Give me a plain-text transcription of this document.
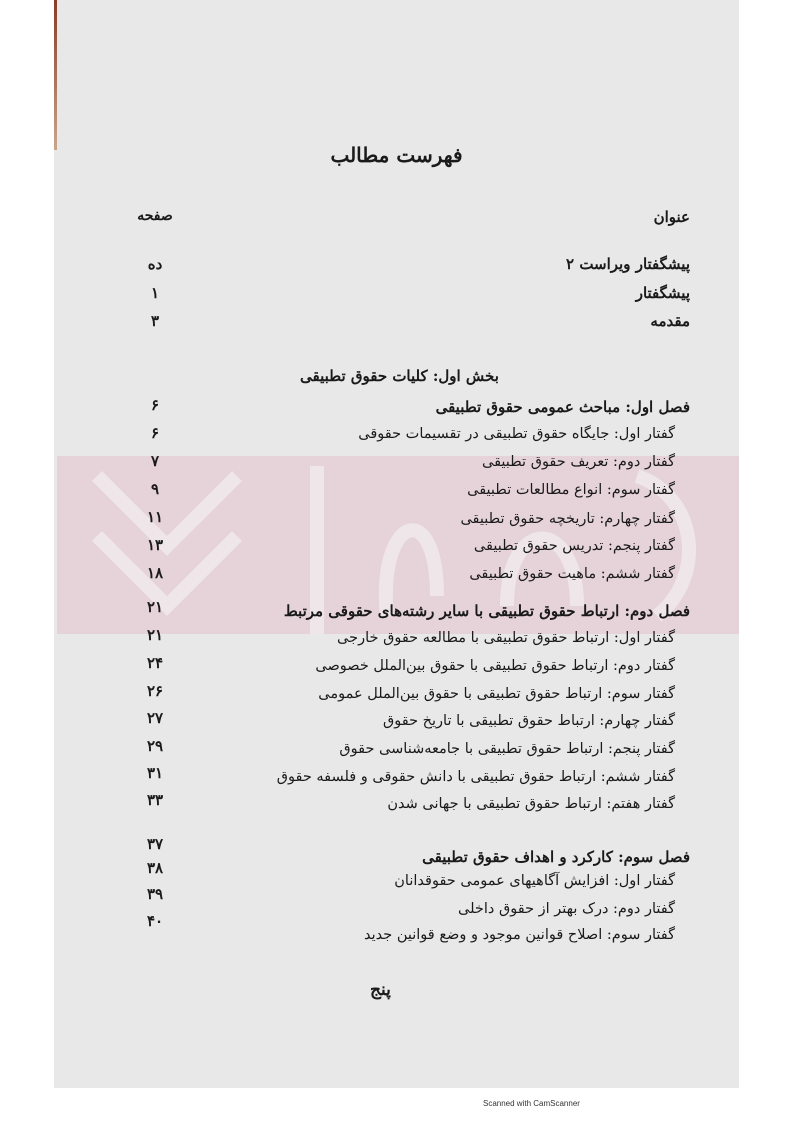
فهرست مطالب
عنوان
صفحه
پیشگفتار ویراست ۲
ده
پیشگفتار
۱
مقدمه
۳
بخش اول: کلیات حقوق تطبیقی
فصل اول: مباحث عمومی حقوق تطبیقی
۶
گفتار اول: جایگاه حقوق تطبیقی در تقسیمات حقوقی
۶
گفتار دوم: تعریف حقوق تطبیقی
۷
گفتار سوم: انواع مطالعات تطبیقی
۹
گفتار چهارم: تاریخچه حقوق تطبیقی
۱۱
گفتار پنجم: تدریس حقوق تطبیقی
۱۳
گفتار ششم: ماهیت حقوق تطبیقی
۱۸
فصل دوم: ارتباط حقوق تطبیقی با سایر رشته‌های حقوقی مرتبط
۲۱
گفتار اول: ارتباط حقوق تطبیقی با مطالعه حقوق خارجی
۲۱
گفتار دوم: ارتباط حقوق تطبیقی با حقوق بین‌الملل خصوصی
۲۴
گفتار سوم: ارتباط حقوق تطبیقی با حقوق بین‌الملل عمومی
۲۶
گفتار چهارم: ارتباط حقوق تطبیقی با تاریخ حقوق
۲۷
گفتار پنجم: ارتباط حقوق تطبیقی با جامعه‌شناسی حقوق
۲۹
گفتار ششم: ارتباط حقوق تطبیقی با دانش حقوقی و فلسفه حقوق
۳۱
گفتار هفتم: ارتباط حقوق تطبیقی با جهانی شدن
۳۳
فصل سوم: کارکرد و اهداف حقوق تطبیقی
۳۷
گفتار اول: افزایش آگاهیهای عمومی حقوقدانان
۳۸
گفتار دوم: درک بهتر از حقوق داخلی
۳۹
گفتار سوم: اصلاح قوانین موجود و وضع قوانین جدید
۴۰
پنج
Scanned with CamScanner
